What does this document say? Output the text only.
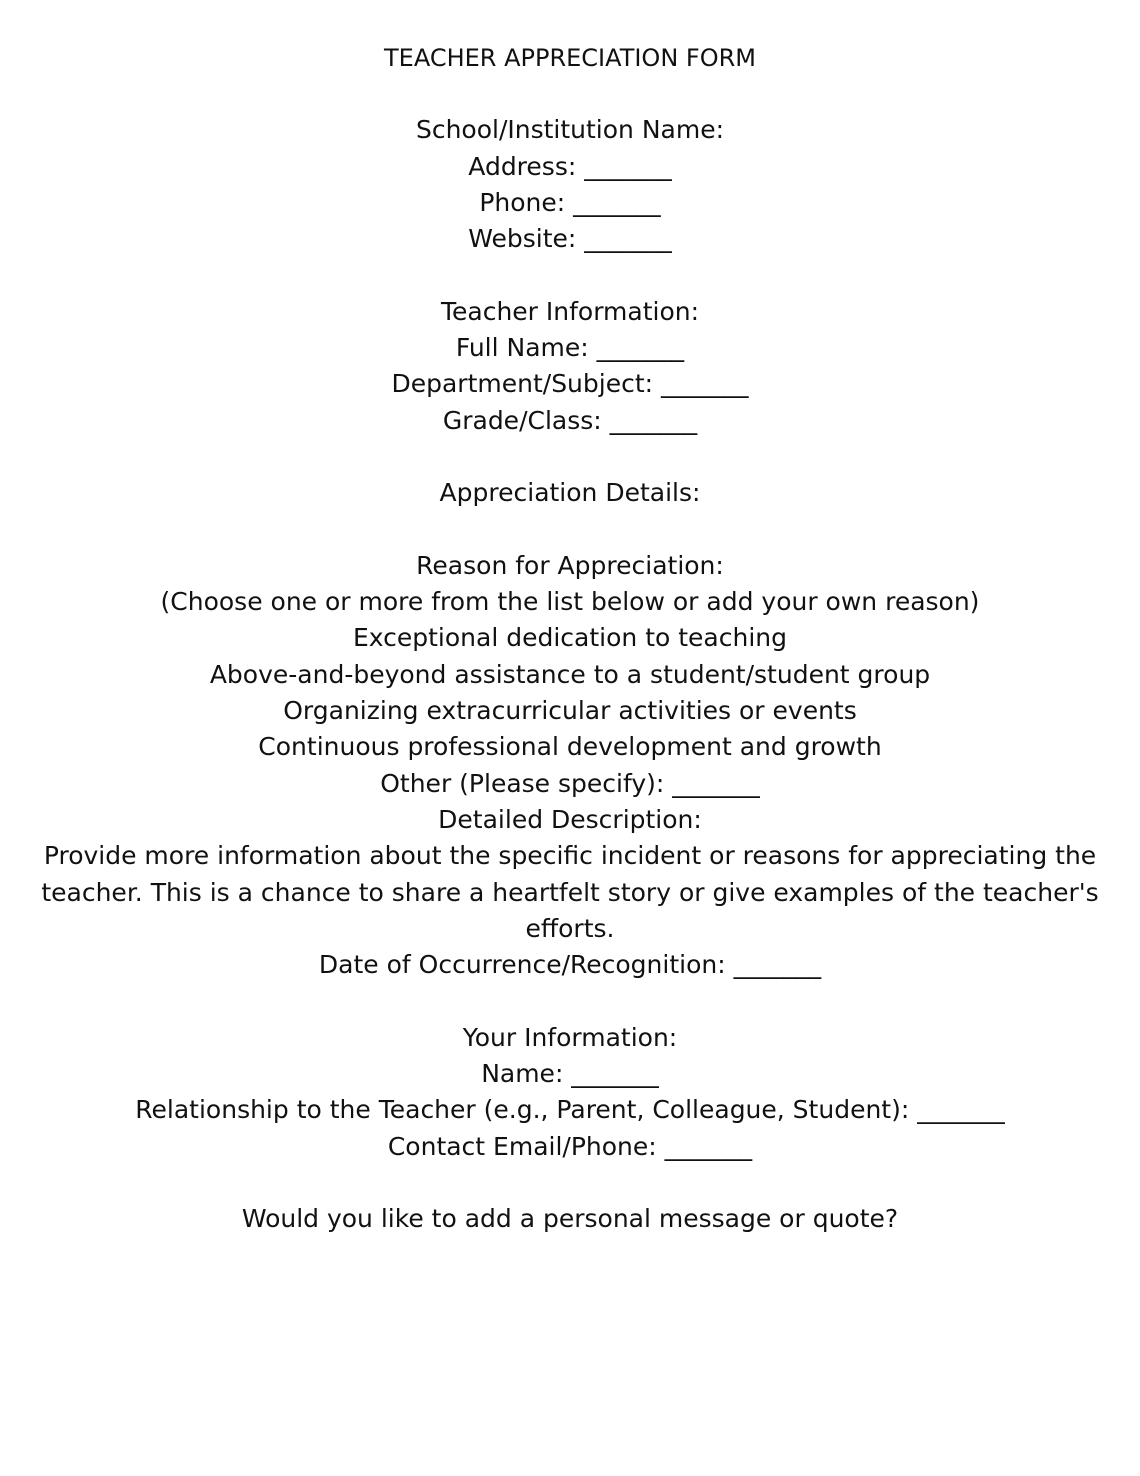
TEACHER APPRECIATION FORM

School/Institution Name:

Address: _______

Phone: _______

Website: _______

Teacher Information:

Full Name: _______

Department/Subject: _______

Grade/Class: _______

Appreciation Details:

Reason for Appreciation:

(Choose one or more from the list below or add your own reason)

Exceptional dedication to teaching

Above-and-beyond assistance to a student/student group

Organizing extracurricular activities or events

Continuous professional development and growth

Other (Please specify): _______

Detailed Description:

Provide more information about the specific incident or reasons for appreciating the teacher. This is a chance to share a heartfelt story or give examples of the teacher's efforts.

Date of Occurrence/Recognition: _______

Your Information:

Name: _______

Relationship to the Teacher (e.g., Parent, Colleague, Student): _______

Contact Email/Phone: _______

Would you like to add a personal message or quote?
